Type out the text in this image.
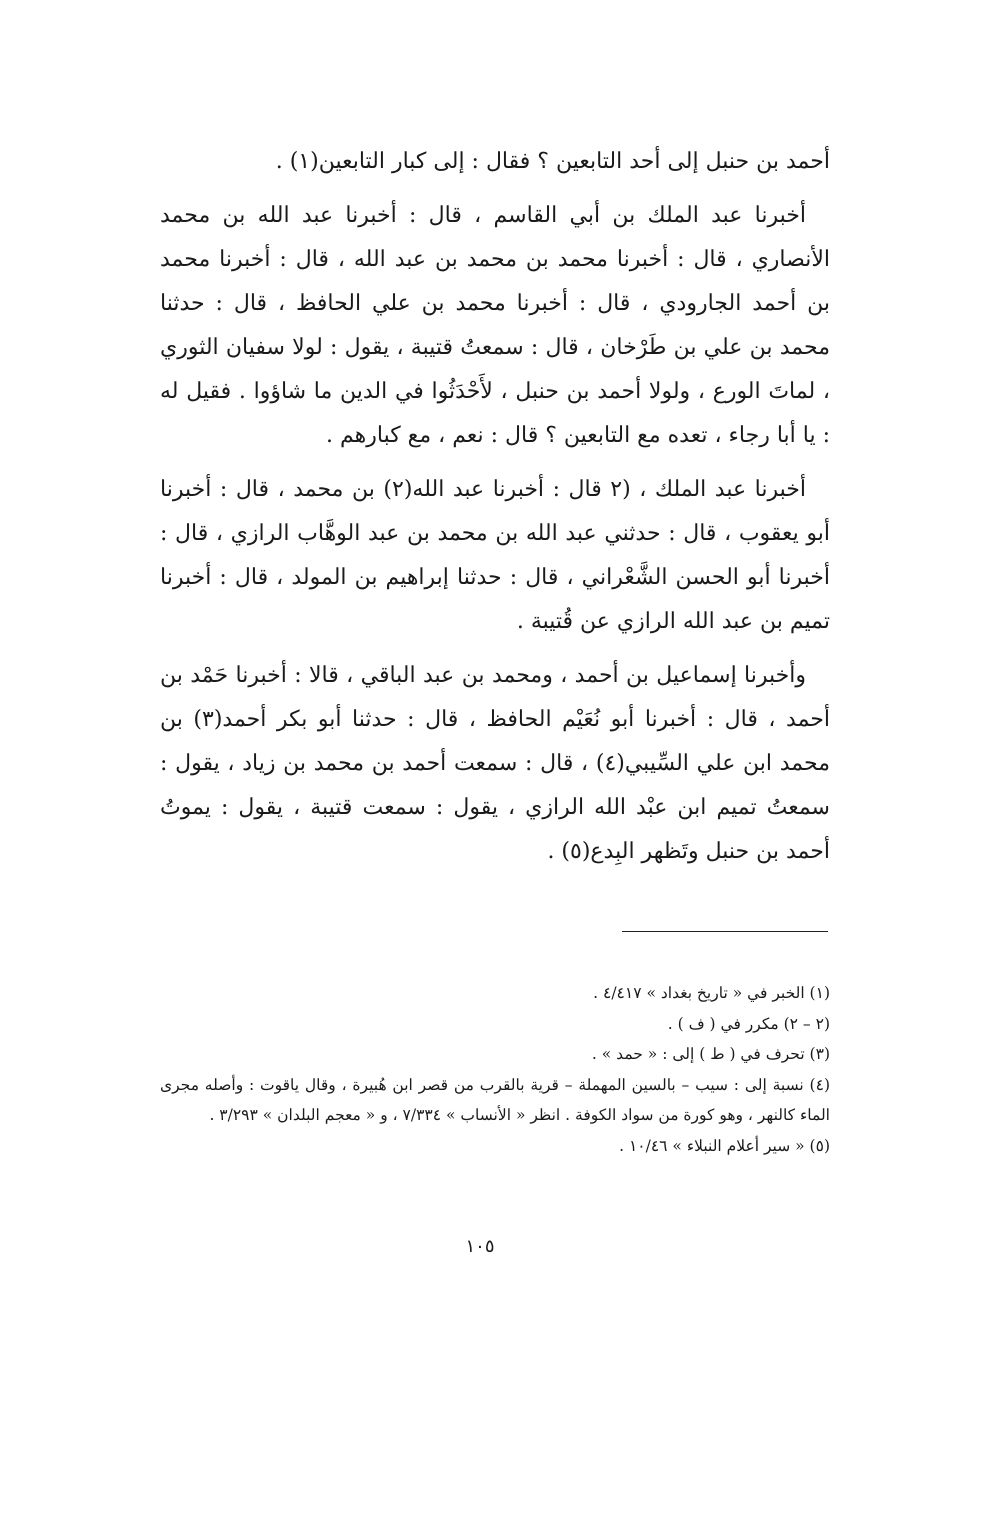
أحمد بن حنبل إلى أحد التابعين ؟ فقال : إلى كبار التابعين(١) .

أخبرنا عبد الملك بن أبي القاسم ، قال : أخبرنا عبد الله بن محمد الأنصاري ، قال : أخبرنا محمد بن محمد بن عبد الله ، قال : أخبرنا محمد بن أحمد الجارودي ، قال : أخبرنا محمد بن علي الحافظ ، قال : حدثنا محمد بن علي بن طَرْخان ، قال : سمعتُ قتيبة ، يقول : لولا سفيان الثوري ، لماتَ الورع ، ولولا أحمد بن حنبل ، لأَحْدَثُوا في الدين ما شاؤوا . فقيل له : يا أبا رجاء ، تعده مع التابعين ؟ قال : نعم ، مع كبارهم .

أخبرنا عبد الملك ، (٢ قال : أخبرنا عبد الله(٢) بن محمد ، قال : أخبرنا أبو يعقوب ، قال : حدثني عبد الله بن محمد بن عبد الوهَّاب الرازي ، قال : أخبرنا أبو الحسن الشَّعْراني ، قال : حدثنا إبراهيم بن المولد ، قال : أخبرنا تميم بن عبد الله الرازي عن قُتيبة .

وأخبرنا إسماعيل بن أحمد ، ومحمد بن عبد الباقي ، قالا : أخبرنا حَمْد بن أحمد ، قال : أخبرنا أبو نُعَيْم الحافظ ، قال : حدثنا أبو بكر أحمد(٣) بن محمد ابن علي السِّيبي(٤) ، قال : سمعت أحمد بن محمد بن زياد ، يقول : سمعتُ تميم ابن عبْد الله الرازي ، يقول : سمعت قتيبة ، يقول : يموتُ أحمد بن حنبل وتَظهر البِدع(٥) .

(١) الخبر في « تاريخ بغداد » ٤/٤١٧ .

(٢ – ٢) مكرر في ( ف ) .

(٣) تحرف في ( ط ) إلى : « حمد » .

(٤) نسبة إلى : سيب – بالسين المهملة – قرية بالقرب من قصر ابن هُبيرة ، وقال ياقوت : وأصله مجرى الماء كالنهر ، وهو كورة من سواد الكوفة . انظر « الأنساب » ٧/٣٣٤ ، و « معجم البلدان » ٣/٢٩٣ .

(٥) « سير أعلام النبلاء » ١٠/٤٦ .

١٠٥
